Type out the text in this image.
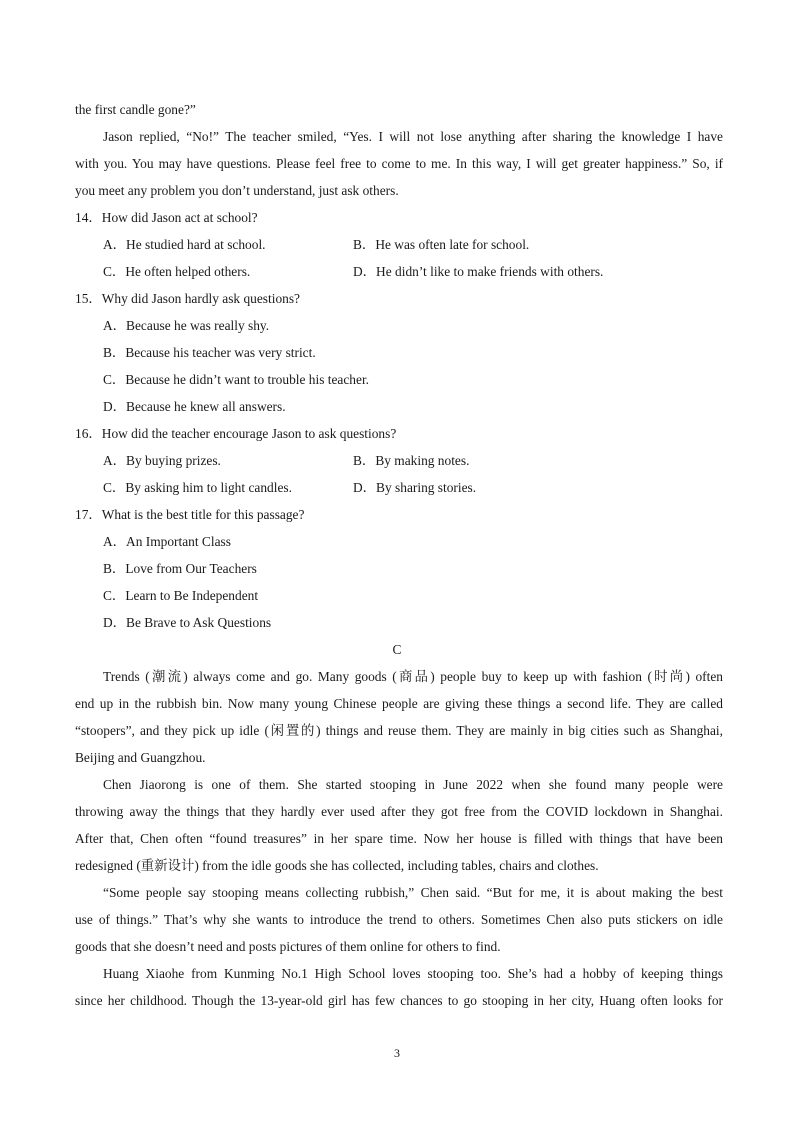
the first candle gone?”
Jason replied, “No!” The teacher smiled, “Yes. I will not lose anything after sharing the knowledge I have
with you. You may have questions. Please feel free to come to me. In this way, I will get greater happiness.” So, if
you meet any problem you don’t understand, just ask others.
14．How did Jason act at school?
A．He studied hard at school.	B．He was often late for school.
C．He often helped others.	D．He didn’t like to make friends with others.
15．Why did Jason hardly ask questions?
A．Because he was really shy.
B．Because his teacher was very strict.
C．Because he didn’t want to trouble his teacher.
D．Because he knew all answers.
16．How did the teacher encourage Jason to ask questions?
A．By buying prizes.	B．By making notes.
C．By asking him to light candles.	D．By sharing stories.
17．What is the best title for this passage?
A．An Important Class
B．Love from Our Teachers
C．Learn to Be Independent
D．Be Brave to Ask Questions
C
Trends (潮流) always come and go. Many goods (商品) people buy to keep up with fashion (时尚) often
end up in the rubbish bin. Now many young Chinese people are giving these things a second life. They are called
“stoopers”, and they pick up idle (闲置的) things and reuse them. They are mainly in big cities such as Shanghai,
Beijing and Guangzhou.
Chen Jiaorong is one of them. She started stooping in June 2022 when she found many people were
throwing away the things that they hardly ever used after they got free from the COVID lockdown in Shanghai.
After that, Chen often “found treasures” in her spare time. Now her house is filled with things that have been
redesigned (重新设计) from the idle goods she has collected, including tables, chairs and clothes.
“Some people say stooping means collecting rubbish,” Chen said. “But for me, it is about making the best
use of things.” That’s why she wants to introduce the trend to others. Sometimes Chen also puts stickers on idle
goods that she doesn’t need and posts pictures of them online for others to find.
Huang Xiaohe from Kunming No.1 High School loves stooping too. She’s had a hobby of keeping things
since her childhood. Though the 13-year-old girl has few chances to go stooping in her city, Huang often looks for
3
